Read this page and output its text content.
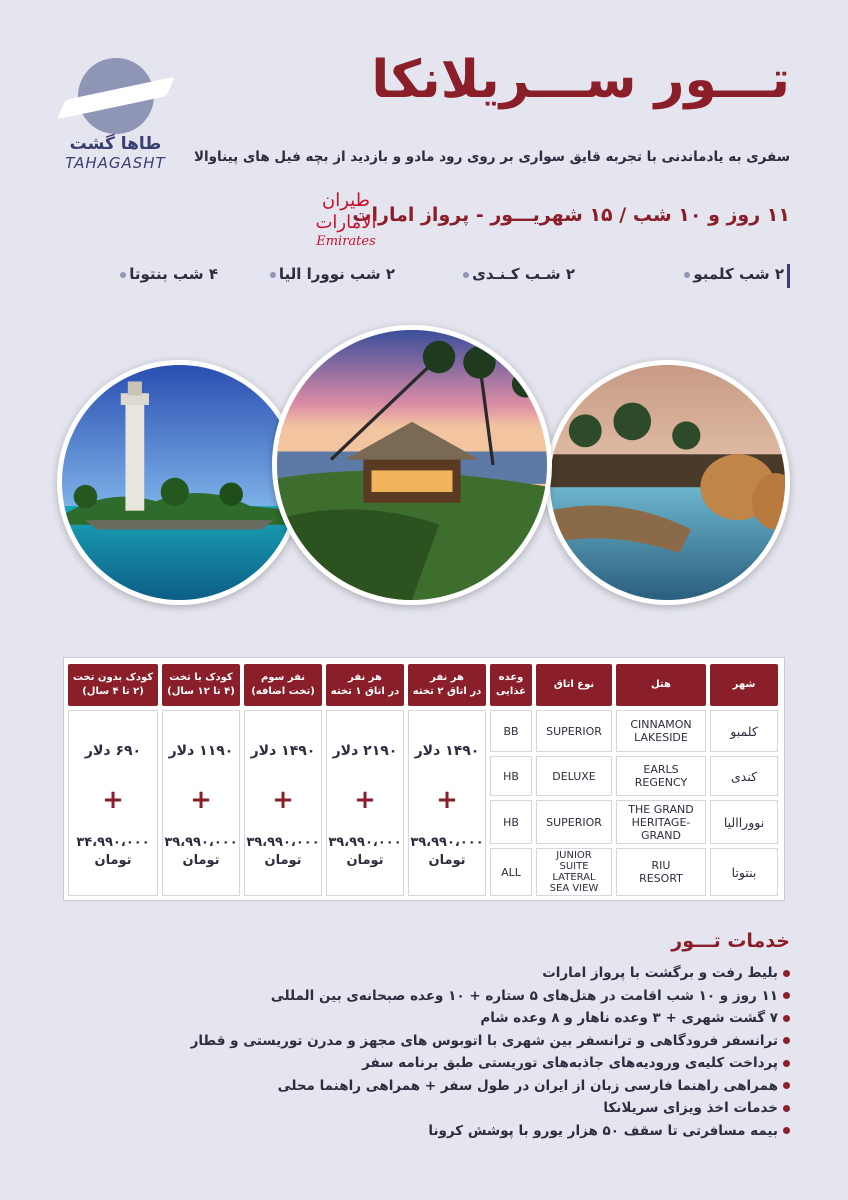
طاها گشت
TAHAGASHT
تـــور ســـریلانکا
سفری به یادماندنی با تجربه قایق سواری بر روی رود مادو و بازدید از بچه فیل های پیناوالا
۱۱ روز و ۱۰ شب / ۱۵ شهریـــور - پرواز امارات
طيران الامارات
Emirates
۲ شب کلمبو
۲ شـب کـنـدی
۲ شب نوورا الیا
۴ شب بنتوتا
شهر
هتل
نوع اتاق
وعده
غذایی
هر نفر
در اتاق ۲ تخته
هر نفر
در اتاق ۱ تخته
نفر سوم
(تخت اضافه)
کودک با تخت
(۴ تا ۱۲ سال)
کودک بدون تخت
(۲ تا ۴ سال)
کلمبو
CINNAMON
LAKESIDE
SUPERIOR
BB
کندی
EARLS
REGENCY
DELUXE
HB
نووراالیا
THE GRAND
HERITAGE-
GRAND
SUPERIOR
HB
بنتوتا
RIU
RESORT
JUNIOR
SUITE
LATERAL
SEA VIEW
ALL
۱۴۹۰ دلار
+
۳۹،۹۹۰،۰۰۰
تومان
۲۱۹۰ دلار
+
۳۹،۹۹۰،۰۰۰
تومان
۱۴۹۰ دلار
+
۳۹،۹۹۰،۰۰۰
تومان
۱۱۹۰ دلار
+
۳۹،۹۹۰،۰۰۰
تومان
۶۹۰ دلار
+
۳۴،۹۹۰،۰۰۰
تومان
خدمات تـــور
بلیط رفت و برگشت با پرواز امارات
۱۱ روز و ۱۰ شب اقامت در هتل‌های ۵ ستاره + ۱۰ وعده صبحانه‌ی بین المللی
۷ گشت شهری + ۳ وعده ناهار و ۸ وعده شام
ترانسفر فرودگاهی و ترانسفر بین شهری با اتوبوس های مجهز و مدرن توریستی و قطار
پرداخت کلیه‌ی ورودیه‌های جاذبه‌های توریستی طبق برنامه سفر
همراهی راهنما فارسی زبان از ایران در طول سفر + همراهی راهنما محلی
خدمات اخذ ویزای سریلانکا
بیمه مسافرتی تا سقف ۵۰ هزار یورو با پوشش کرونا
